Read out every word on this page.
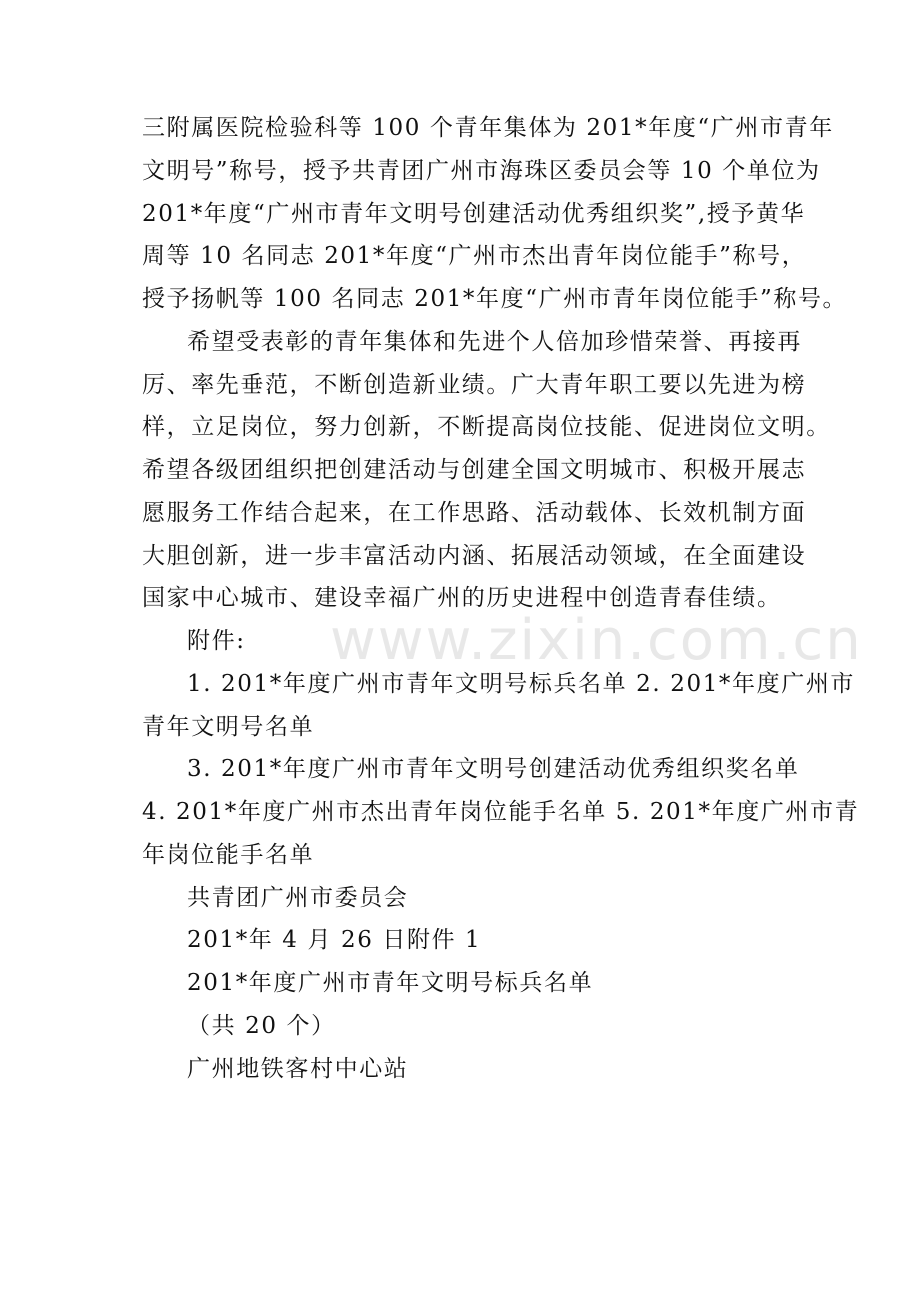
www.zixin.com.cn
三附属医院检验科等 100 个青年集体为 201*年度“广州市青年
文明号”称号，授予共青团广州市海珠区委员会等 10 个单位为
201*年度“广州市青年文明号创建活动优秀组织奖”,授予黄华
周等 10 名同志 201*年度“广州市杰出青年岗位能手”称号，
授予扬帆等 100 名同志 201*年度“广州市青年岗位能手”称号。
希望受表彰的青年集体和先进个人倍加珍惜荣誉、再接再
厉、率先垂范，不断创造新业绩。广大青年职工要以先进为榜
样，立足岗位，努力创新，不断提高岗位技能、促进岗位文明。
希望各级团组织把创建活动与创建全国文明城市、积极开展志
愿服务工作结合起来，在工作思路、活动载体、长效机制方面
大胆创新，进一步丰富活动内涵、拓展活动领域，在全面建设
国家中心城市、建设幸福广州的历史进程中创造青春佳绩。
附件:
1. 201*年度广州市青年文明号标兵名单 2. 201*年度广州市
青年文明号名单
3. 201*年度广州市青年文明号创建活动优秀组织奖名单
4. 201*年度广州市杰出青年岗位能手名单 5. 201*年度广州市青
年岗位能手名单
共青团广州市委员会
201*年 4 月 26 日附件 1
201*年度广州市青年文明号标兵名单
（共 20 个）
广州地铁客村中心站
